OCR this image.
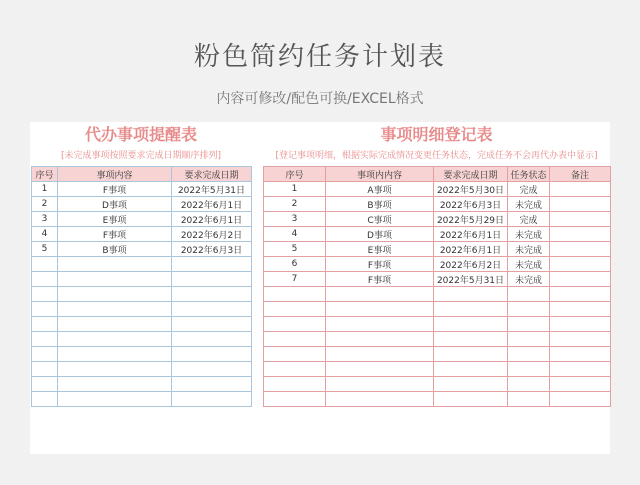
粉色简约任务计划表
内容可修改/配色可换/EXCEL格式
代办事项提醒表
[未完成事项按照要求完成日期顺序排列]
序号	事项内容	要求完成日期
1	F事项	2022年5月31日
2	D事项	2022年6月1日
3	E事项	2022年6月1日
4	F事项	2022年6月2日
5	B事项	2022年6月3日

事项明细登记表
[登记事项明细，根据实际完成情况变更任务状态，完成任务不会再代办表中显示]
序号	事项内内容	要求完成日期	任务状态	备注
1	A事项	2022年5月30日	完成	
2	B事项	2022年6月3日	未完成	
3	C事项	2022年5月29日	完成	
4	D事项	2022年6月1日	未完成	
5	E事项	2022年6月1日	未完成	
6	F事项	2022年6月2日	未完成	
7	F事项	2022年5月31日	未完成	
